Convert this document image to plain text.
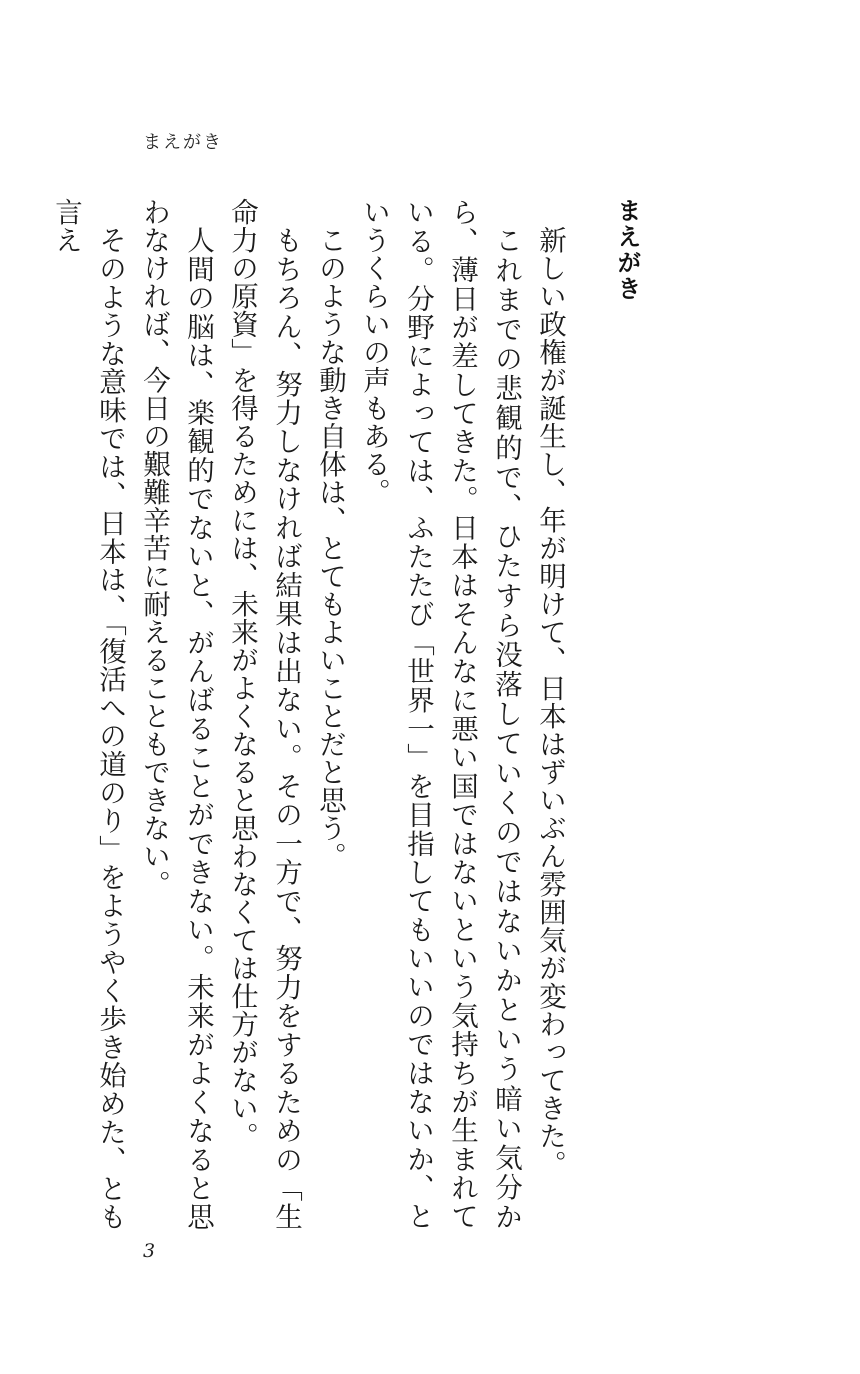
まえがき
まえがき

新しい政権が誕生し、年が明けて、日本はずいぶん雰囲気が変わってきた。

これまでの悲観的で、ひたすら没落していくのではないかという暗い気分から、薄日が差してきた。日本はそんなに悪い国ではないという気持ちが生まれている。分野によっては、ふたたび「世界一」を目指してもいいのではないか、というくらいの声もある。

このような動き自体は、とてもよいことだと思う。

もちろん、努力しなければ結果は出ない。その一方で、努力をするための「生命力の原資」を得るためには、未来がよくなると思わなくては仕方がない。

人間の脳は、楽観的でないと、がんばることができない。未来がよくなると思わなければ、今日の艱難辛苦に耐えることもできない。

そのような意味では、日本は、「復活への道のり」をようやく歩き始めた、とも言え

3
